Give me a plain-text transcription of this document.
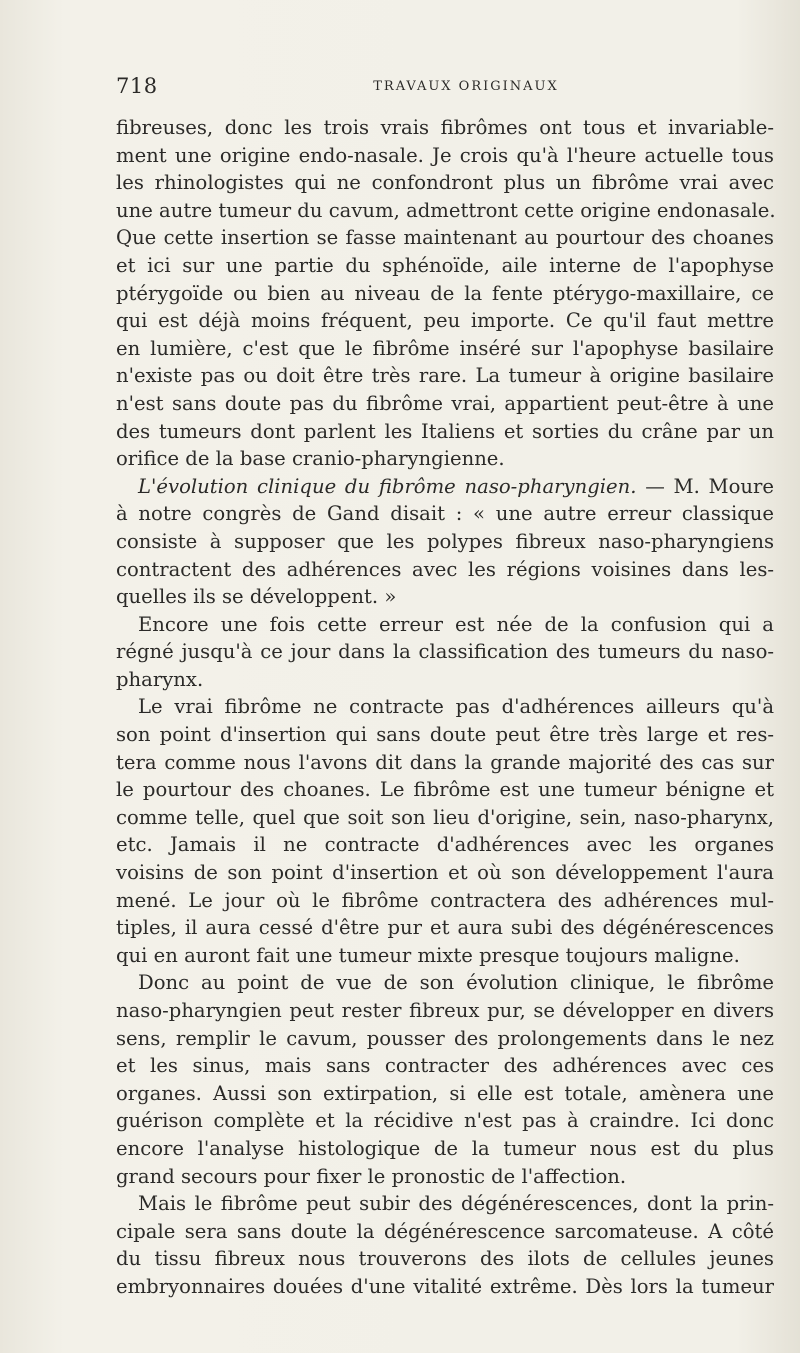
718	TRAVAUX ORIGINAUX
fibreuses, donc les trois vrais fibrômes ont tous et invariable-
ment une origine endo-nasale. Je crois qu'à l'heure actuelle tous
les rhinologistes qui ne confondront plus un fibrôme vrai avec
une autre tumeur du cavum, admettront cette origine endonasale.
Que cette insertion se fasse maintenant au pourtour des choanes
et ici sur une partie du sphénoïde, aile interne de l'apophyse
ptérygoïde ou bien au niveau de la fente ptérygo-maxillaire, ce
qui est déjà moins fréquent, peu importe. Ce qu'il faut mettre
en lumière, c'est que le fibrôme inséré sur l'apophyse basilaire
n'existe pas ou doit être très rare. La tumeur à origine basilaire
n'est sans doute pas du fibrôme vrai, appartient peut-être à une
des tumeurs dont parlent les Italiens et sorties du crâne par un
orifice de la base cranio-pharyngienne.
L'évolution clinique du fibrôme naso-pharyngien. — M. Moure
à notre congrès de Gand disait : « une autre erreur classique
consiste à supposer que les polypes fibreux naso-pharyngiens
contractent des adhérences avec les régions voisines dans les-
quelles ils se développent. »
Encore une fois cette erreur est née de la confusion qui a
régné jusqu'à ce jour dans la classification des tumeurs du naso-
pharynx.
Le vrai fibrôme ne contracte pas d'adhérences ailleurs qu'à
son point d'insertion qui sans doute peut être très large et res-
tera comme nous l'avons dit dans la grande majorité des cas sur
le pourtour des choanes. Le fibrôme est une tumeur bénigne et
comme telle, quel que soit son lieu d'origine, sein, naso-pharynx,
etc. Jamais il ne contracte d'adhérences avec les organes
voisins de son point d'insertion et où son développement l'aura
mené. Le jour où le fibrôme contractera des adhérences mul-
tiples, il aura cessé d'être pur et aura subi des dégénérescences
qui en auront fait une tumeur mixte presque toujours maligne.
Donc au point de vue de son évolution clinique, le fibrôme
naso-pharyngien peut rester fibreux pur, se développer en divers
sens, remplir le cavum, pousser des prolongements dans le nez
et les sinus, mais sans contracter des adhérences avec ces
organes. Aussi son extirpation, si elle est totale, amènera une
guérison complète et la récidive n'est pas à craindre. Ici donc
encore l'analyse histologique de la tumeur nous est du plus
grand secours pour fixer le pronostic de l'affection.
Mais le fibrôme peut subir des dégénérescences, dont la prin-
cipale sera sans doute la dégénérescence sarcomateuse. A côté
du tissu fibreux nous trouverons des ilots de cellules jeunes
embryonnaires douées d'une vitalité extrême. Dès lors la tumeur
